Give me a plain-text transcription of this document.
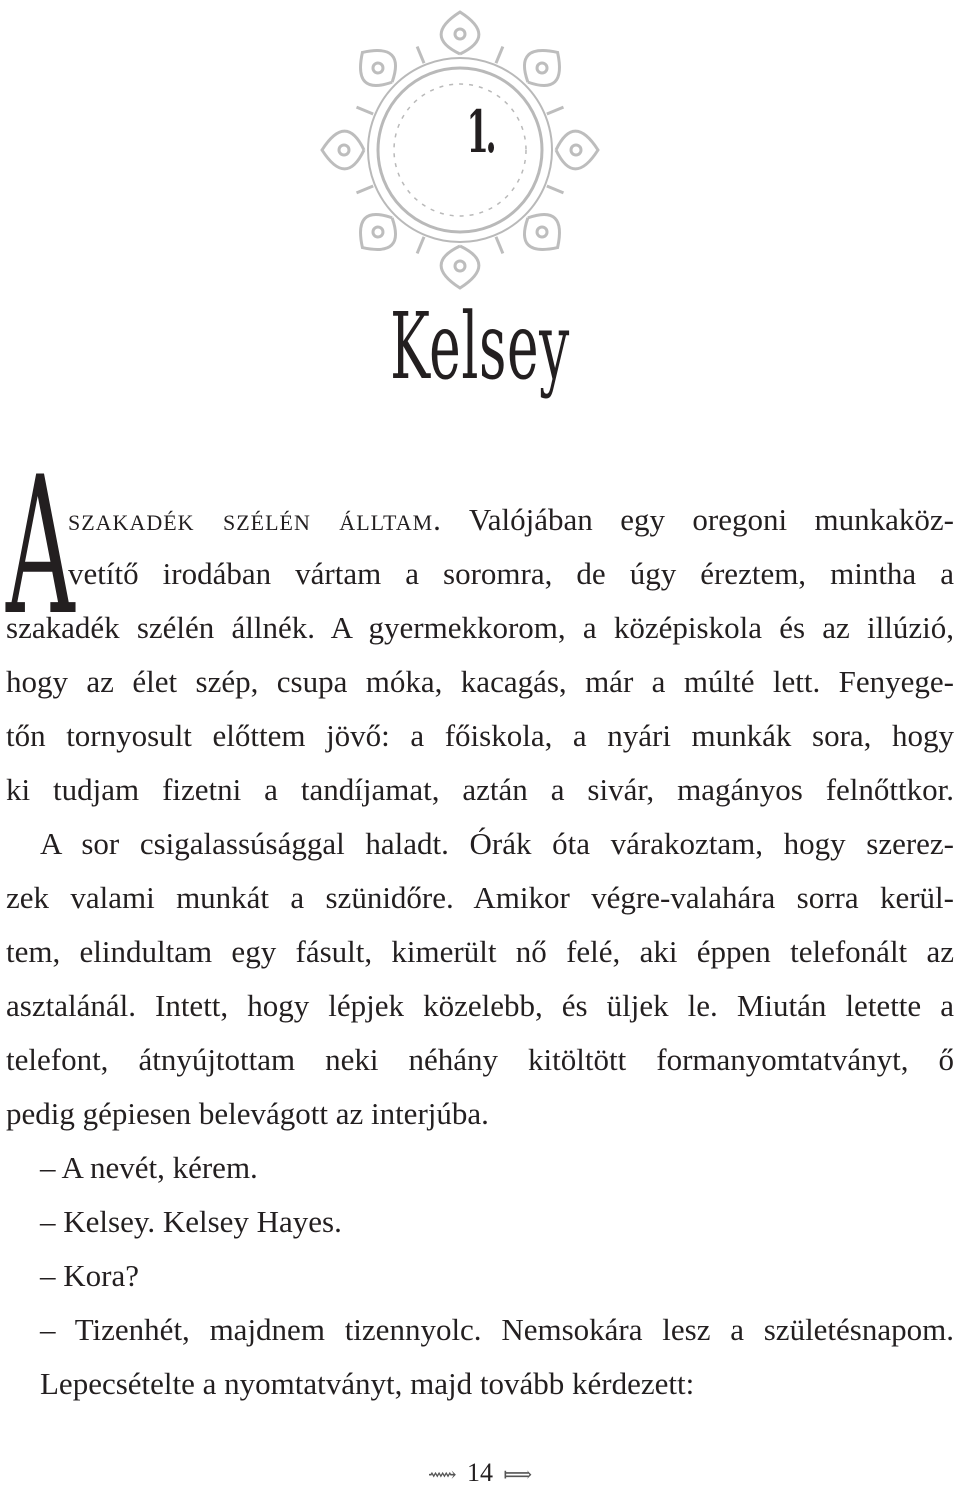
1.
Kelsey
A
szakadék szélén álltam. Valójában egy oregoni munkaköz-
vetítő irodában vártam a soromra, de úgy éreztem, mintha a
szakadék szélén állnék. A gyermekkorom, a középiskola és az illúzió,
hogy az élet szép, csupa móka, kacagás, már a múlté lett. Fenyege-
tőn tornyosult előttem jövő: a főiskola, a nyári munkák sora, hogy
ki tudjam fizetni a tandíjamat, aztán a sivár, magányos felnőttkor.
A sor csigalassúsággal haladt. Órák óta várakoztam, hogy szerez-
zek valami munkát a szünidőre. Amikor végre-valahára sorra kerül-
tem, elindultam egy fásult, kimerült nő felé, aki éppen telefonált az
asztalánál. Intett, hogy lépjek közelebb, és üljek le. Miután letette a
telefont, átnyújtottam neki néhány kitöltött formanyomtatványt, ő
pedig gépiesen belevágott az interjúba.
– A nevét, kérem.
– Kelsey. Kelsey Hayes.
– Kora?
– Tizenhét, majdnem tizennyolc. Nemsokára lesz a születésnapom.
Lepecsételte a nyomtatványt, majd tovább kérdezett:
⟿ 14 ⟾
